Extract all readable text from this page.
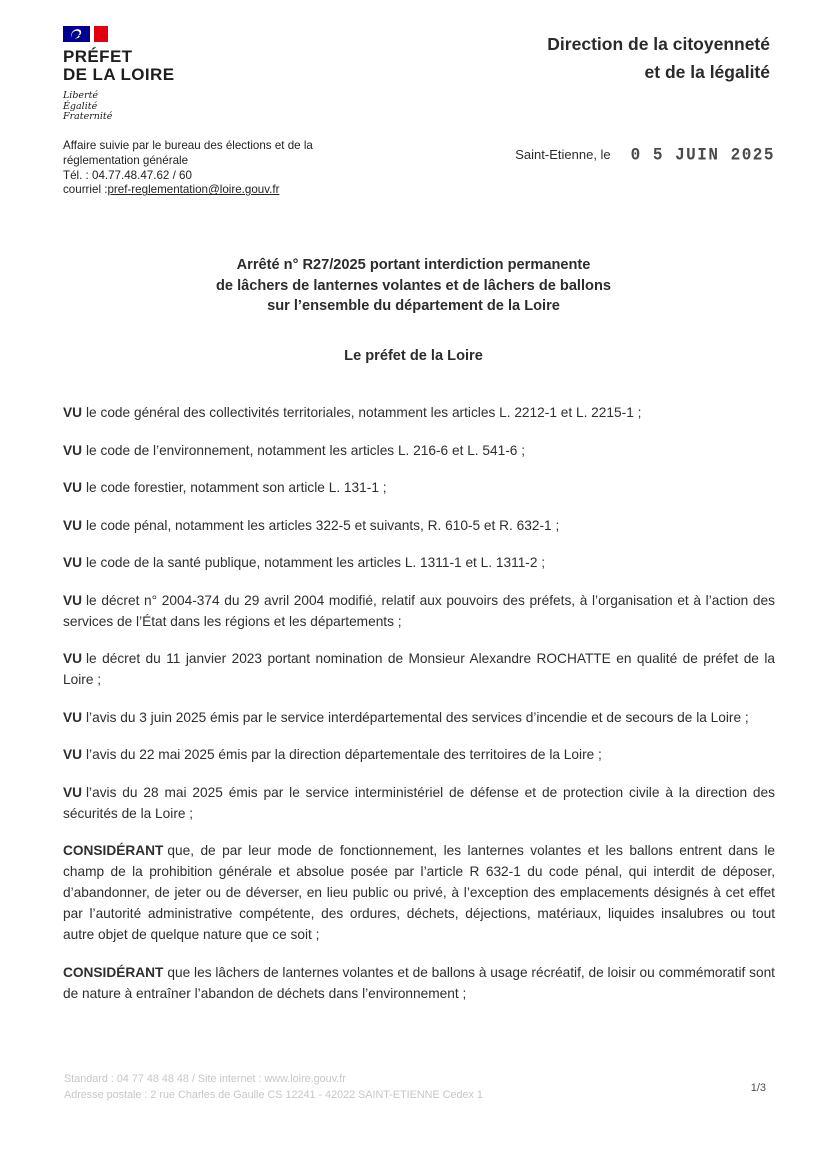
PRÉFET
DE LA LOIRE
Liberté
Égalité
Fraternité
Direction de la citoyenneté
et de la légalité
Affaire suivie par le bureau des élections et de la
réglementation générale
Tél. : 04.77.48.47.62 / 60
courriel :pref-reglementation@loire.gouv.fr
Saint-Etienne, le 0 5 JUIN 2025
Arrêté n° R27/2025 portant interdiction permanente
de lâchers de lanternes volantes et de lâchers de ballons
sur l’ensemble du département de la Loire
Le préfet de la Loire

VU le code général des collectivités territoriales, notamment les articles L. 2212-1 et L. 2215-1 ;

VU le code de l’environnement, notamment les articles L. 216-6 et L. 541-6 ;

VU le code forestier, notamment son article L. 131-1 ;

VU le code pénal, notamment les articles 322-5 et suivants, R. 610-5 et R. 632-1 ;

VU le code de la santé publique, notamment les articles L. 1311-1 et L. 1311-2 ;

VU le décret n° 2004-374 du 29 avril 2004 modifié, relatif aux pouvoirs des préfets, à l’organisation et à l’action des services de l’État dans les régions et les départements ;

VU le décret du 11 janvier 2023 portant nomination de Monsieur Alexandre ROCHATTE en qualité de préfet de la Loire ;

VU l’avis du 3 juin 2025 émis par le service interdépartemental des services d’incendie et de secours de la Loire ;

VU l’avis du 22 mai 2025 émis par la direction départementale des territoires de la Loire ;

VU l’avis du 28 mai 2025 émis par le service interministériel de défense et de protection civile à la direction des sécurités de la Loire ;

CONSIDÉRANT que, de par leur mode de fonctionnement, les lanternes volantes et les ballons entrent dans le champ de la prohibition générale et absolue posée par l’article R 632-1 du code pénal, qui interdit de déposer, d’abandonner, de jeter ou de déverser, en lieu public ou privé, à l’exception des emplacements désignés à cet effet par l’autorité administrative compétente, des ordures, déchets, déjections, matériaux, liquides insalubres ou tout autre objet de quelque nature que ce soit ;

CONSIDÉRANT que les lâchers de lanternes volantes et de ballons à usage récréatif, de loisir ou commémoratif sont de nature à entraîner l’abandon de déchets dans l’environnement ;

Standard : 04 77 48 48 48 / Site internet : www.loire.gouv.fr
Adresse postale : 2 rue Charles de Gaulle CS 12241 - 42022 SAINT-ETIENNE Cedex 1
1/3
